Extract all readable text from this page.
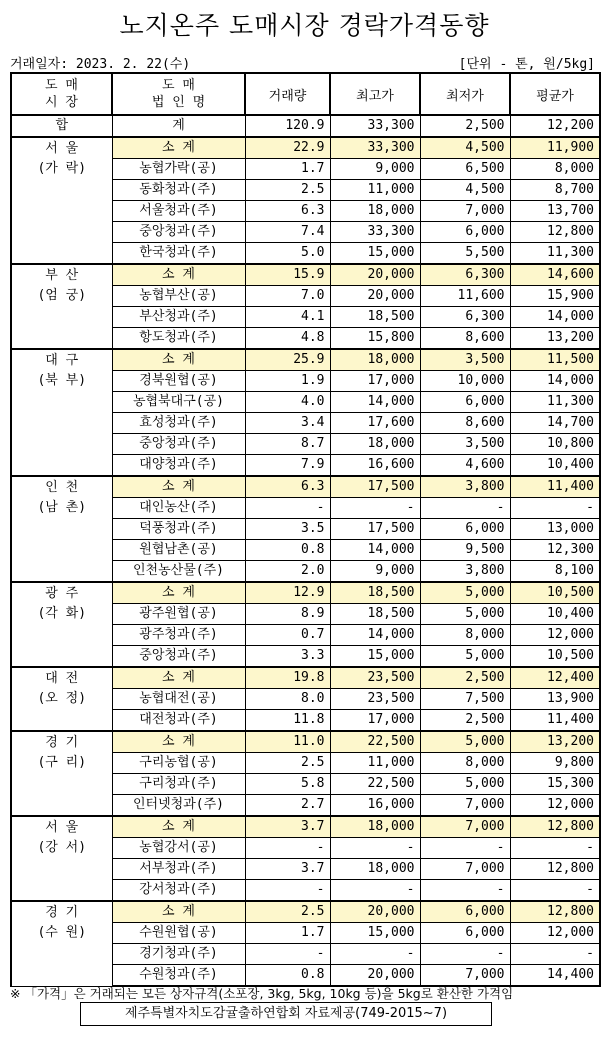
노지온주 도매시장 경락가격동향
거래일자: 2023. 2. 22(수)	[단위 - 톤, 원/5kg]
도 매
시 장	도 매
법 인 명	거래량	최고가	최저가	평균가
합	계	120.9	33,300	2,500	12,200
서 울
(가 락)	소 계	22.9	33,300	4,500	11,900
	농협가락(공)	1.7	9,000	6,500	8,000
	동화청과(주)	2.5	11,000	4,500	8,700
	서울청과(주)	6.3	18,000	7,000	13,700
	중앙청과(주)	7.4	33,300	6,000	12,800
	한국청과(주)	5.0	15,000	5,500	11,300
부 산
(엄 궁)	소 계	15.9	20,000	6,300	14,600
	농협부산(공)	7.0	20,000	11,600	15,900
	부산청과(주)	4.1	18,500	6,300	14,000
	항도청과(주)	4.8	15,800	8,600	13,200
대 구
(북 부)	소 계	25.9	18,000	3,500	11,500
	경북원협(공)	1.9	17,000	10,000	14,000
	농협북대구(공)	4.0	14,000	6,000	11,300
	효성청과(주)	3.4	17,600	8,600	14,700
	중앙청과(주)	8.7	18,000	3,500	10,800
	대양청과(주)	7.9	16,600	4,600	10,400
인 천
(남 촌)	소 계	6.3	17,500	3,800	11,400
	대인농산(주)	-	-	-	-
	덕풍청과(주)	3.5	17,500	6,000	13,000
	원협남촌(공)	0.8	14,000	9,500	12,300
	인천농산물(주)	2.0	9,000	3,800	8,100
광 주
(각 화)	소 계	12.9	18,500	5,000	10,500
	광주원협(공)	8.9	18,500	5,000	10,400
	광주청과(주)	0.7	14,000	8,000	12,000
	중앙청과(주)	3.3	15,000	5,000	10,500
대 전
(오 정)	소 계	19.8	23,500	2,500	12,400
	농협대전(공)	8.0	23,500	7,500	13,900
	대전청과(주)	11.8	17,000	2,500	11,400
경 기
(구 리)	소 계	11.0	22,500	5,000	13,200
	구리농협(공)	2.5	11,000	8,000	9,800
	구리청과(주)	5.8	22,500	5,000	15,300
	인터넷청과(주)	2.7	16,000	7,000	12,000
서 울
(강 서)	소 계	3.7	18,000	7,000	12,800
	농협강서(공)	-	-	-	-
	서부청과(주)	3.7	18,000	7,000	12,800
	강서청과(주)	-	-	-	-
경 기
(수 원)	소 계	2.5	20,000	6,000	12,800
	수원원협(공)	1.7	15,000	6,000	12,000
	경기청과(주)	-	-	-	-
	수원청과(주)	0.8	20,000	7,000	14,400
※ 「가격」은 거래되는 모든 상자규격(소포장, 3kg, 5kg, 10kg 등)을 5kg로 환산한 가격임
제주특별자치도감귤출하연합회 자료제공(749-2015~7)
